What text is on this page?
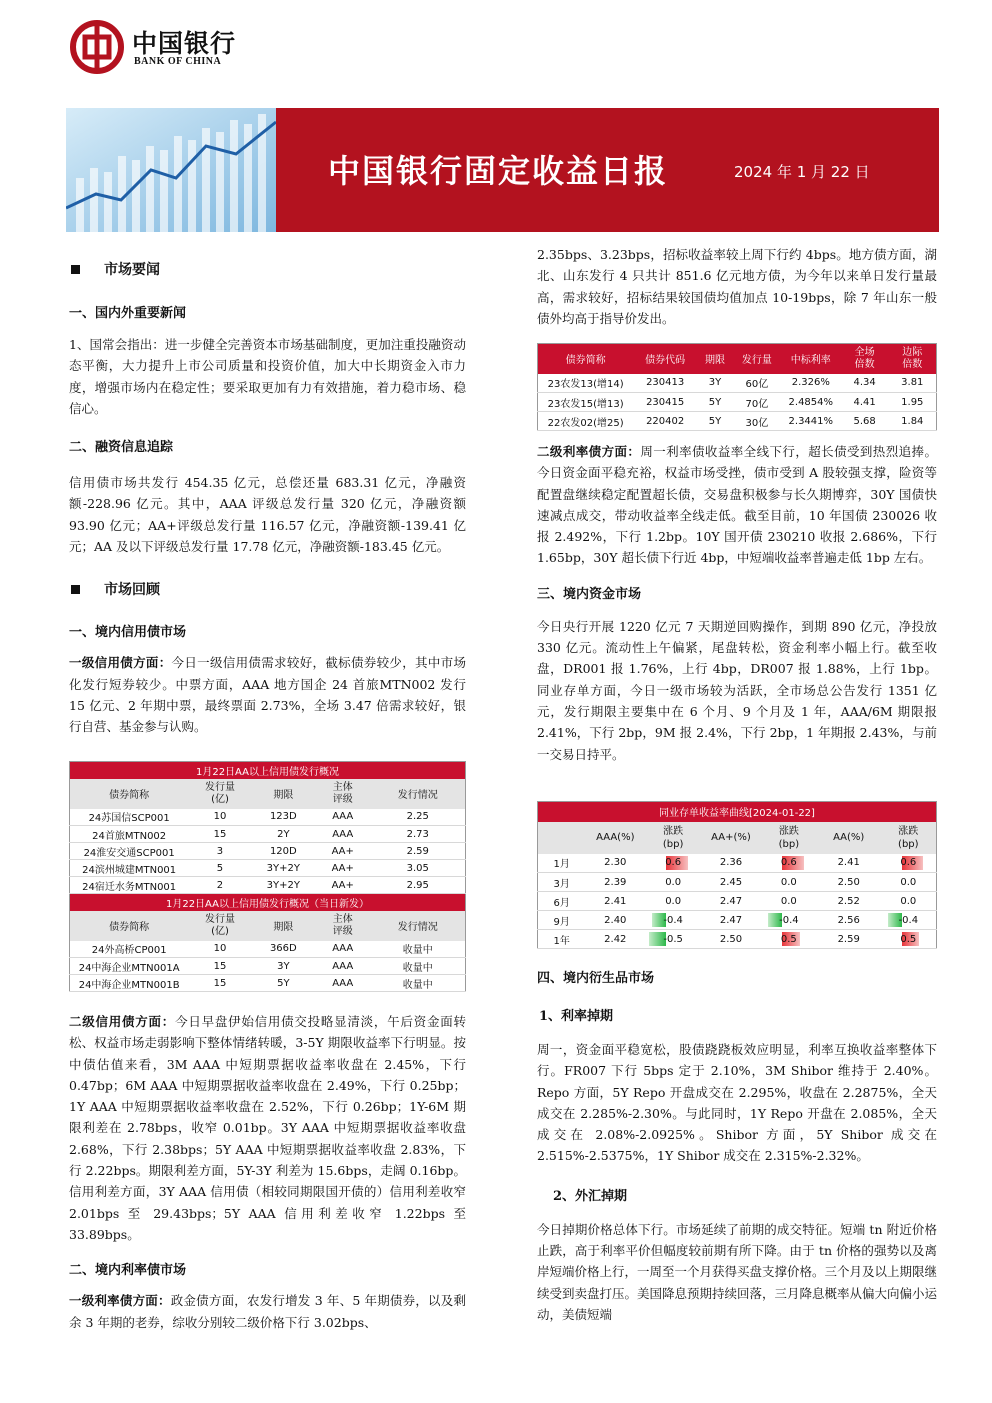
中国银行
BANK OF CHINA
中国银行固定收益日报	2024 年 1 月 22 日
市场要闻
一、国内外重要新闻
1、国常会指出：进一步健全完善资本市场基础制度，更加注重投融资动态平衡，大力提升上市公司质量和投资价值，加大中长期资金入市力度，增强市场内在稳定性；要采取更加有力有效措施，着力稳市场、稳信心。
二、融资信息追踪
信用债市场共发行 454.35 亿元，总偿还量 683.31 亿元，净融资额-228.96 亿元。其中，AAA 评级总发行量 320 亿元，净融资额 93.90 亿元；AA+评级总发行量 116.57 亿元，净融资额-139.41 亿元；AA 及以下评级总发行量 17.78 亿元，净融资额-183.45 亿元。
市场回顾
一、境内信用债市场
一级信用债方面：今日一级信用债需求较好，截标债券较少，其中市场化发行短券较少。中票方面，AAA 地方国企 24 首旅MTN002 发行 15 亿元、2 年期中票，最终票面 2.73%，全场 3.47 倍需求较好，银行自营、基金参与认购。
1月22日AA以上信用债发行概况				
债券简称	发行量
(亿)	期限	主体
评级	发行情况
24苏国信SCP001	10	123D	AAA	2.25
24首旅MTN002	15	2Y	AAA	2.73
24淮安交通SCP001	3	120D	AA+	2.59
24滨州城建MTN001	5	3Y+2Y	AA+	3.05
24宿迁水务MTN001	2	3Y+2Y	AA+	2.95
1月22日AA以上信用债发行概况（当日新发）				
债券简称	发行量
(亿)	期限	主体
评级	发行情况
24外高桥CP001	10	366D	AAA	收量中
24中海企业MTN001A	15	3Y	AAA	收量中
24中海企业MTN001B	15	5Y	AAA	收量中
二级信用债方面：今日早盘伊始信用债交投略显清淡，午后资金面转松、权益市场走弱影响下整体情绪转暖，3-5Y 期限收益率下行明显。按中债估值来看，3M AAA 中短期票据收益率收盘在 2.45%，下行 0.47bp；6M AAA 中短期票据收益率收盘在 2.49%，下行 0.25bp；1Y AAA 中短期票据收益率收盘在 2.52%，下行 0.26bp；1Y-6M 期限利差在 2.78bps，收窄 0.01bp。3Y AAA 中短期票据收益率收盘 2.68%，下行 2.38bps；5Y AAA 中短期票据收益率收盘 2.83%，下行 2.22bps。期限利差方面，5Y-3Y 利差为 15.6bps，走阔 0.16bp。信用利差方面，3Y AAA 信用债（相较同期限国开债的）信用利差收窄 2.01bps 至 29.43bps；5Y AAA 信用利差收窄 1.22bps 至 33.89bps。
二、境内利率债市场
一级利率债方面：政金债方面，农发行增发 3 年、5 年期债券，以及剩余 3 年期的老券，综收分别较二级价格下行 3.02bps、
2.35bps、3.23bps，招标收益率较上周下行约 4bps。地方债方面，湖北、山东发行 4 只共计 851.6 亿元地方债，为今年以来单日发行量最高，需求较好，招标结果较国债均值加点 10-19bps，除 7 年山东一般债外均高于指导价发出。
债券简称	债券代码	期限	发行量	中标利率	全场
倍数	边际
倍数
23农发13(增14)	230413	3Y	60亿	2.326%	4.34	3.81
23农发15(增13)	230415	5Y	70亿	2.4854%	4.41	1.95
22农发02(增25)	220402	5Y	30亿	2.3441%	5.68	1.84
二级利率债方面：周一利率债收益率全线下行，超长债受到热烈追捧。今日资金面平稳充裕，权益市场受挫，债市受到 A 股较强支撑，险资等配置盘继续稳定配置超长债，交易盘积极参与长久期博弈，30Y 国债快速减点成交，带动收益率全线走低。截至目前，10 年国债 230026 收报 2.492%，下行 1.2bp。10Y 国开债 230210 收报 2.686%，下行 1.65bp，30Y 超长债下行近 4bp，中短端收益率普遍走低 1bp 左右。
三、境内资金市场
今日央行开展 1220 亿元 7 天期逆回购操作，到期 890 亿元，净投放 330 亿元。流动性上午偏紧，尾盘转松，资金利率小幅上行。截至收盘，DR001 报 1.76%，上行 4bp，DR007 报 1.88%，上行 1bp。同业存单方面，今日一级市场较为活跃，全市场总公告发行 1351 亿元，发行期限主要集中在 6 个月、9 个月及 1 年，AAA/6M 期限报 2.41%，下行 2bp，9M 报 2.4%，下行 2bp，1 年期报 2.43%，与前一交易日持平。
同业存单收益率曲线[2024-01-22]						
	AAA(%)	涨跌
(bp)	AA+(%)	涨跌
(bp)	AA(%)	涨跌
(bp)
1月	2.30	0.6	2.36	0.6	2.41	0.6
3月	2.39	0.0	2.45	0.0	2.50	0.0
6月	2.41	0.0	2.47	0.0	2.52	0.0
9月	2.40	-0.4	2.47	-0.4	2.56	-0.4
1年	2.42	-0.5	2.50	0.5	2.59	0.5
四、境内衍生品市场
1、利率掉期
周一，资金面平稳宽松，股债跷跷板效应明显，利率互换收益率整体下行。FR007 下行 5bps 定于 2.10%，3M Shibor 维持于 2.40%。Repo 方面，5Y Repo 开盘成交在 2.295%，收盘在 2.2875%，全天成交在 2.285%-2.30%。与此同时，1Y Repo 开盘在 2.085%，全天成交在 2.08%-2.0925%。Shibor 方面，5Y Shibor 成交在 2.515%-2.5375%，1Y Shibor 成交在 2.315%-2.32%。
2、外汇掉期
今日掉期价格总体下行。市场延续了前期的成交特征。短端 tn 附近价格止跌，高于利率平价但幅度较前期有所下降。由于 tn 价格的强势以及离岸短端价格上行，一周至一个月获得买盘支撑价格。三个月及以上期限继续受到卖盘打压。美国降息预期持续回落，三月降息概率从偏大向偏小运动，美债短端
